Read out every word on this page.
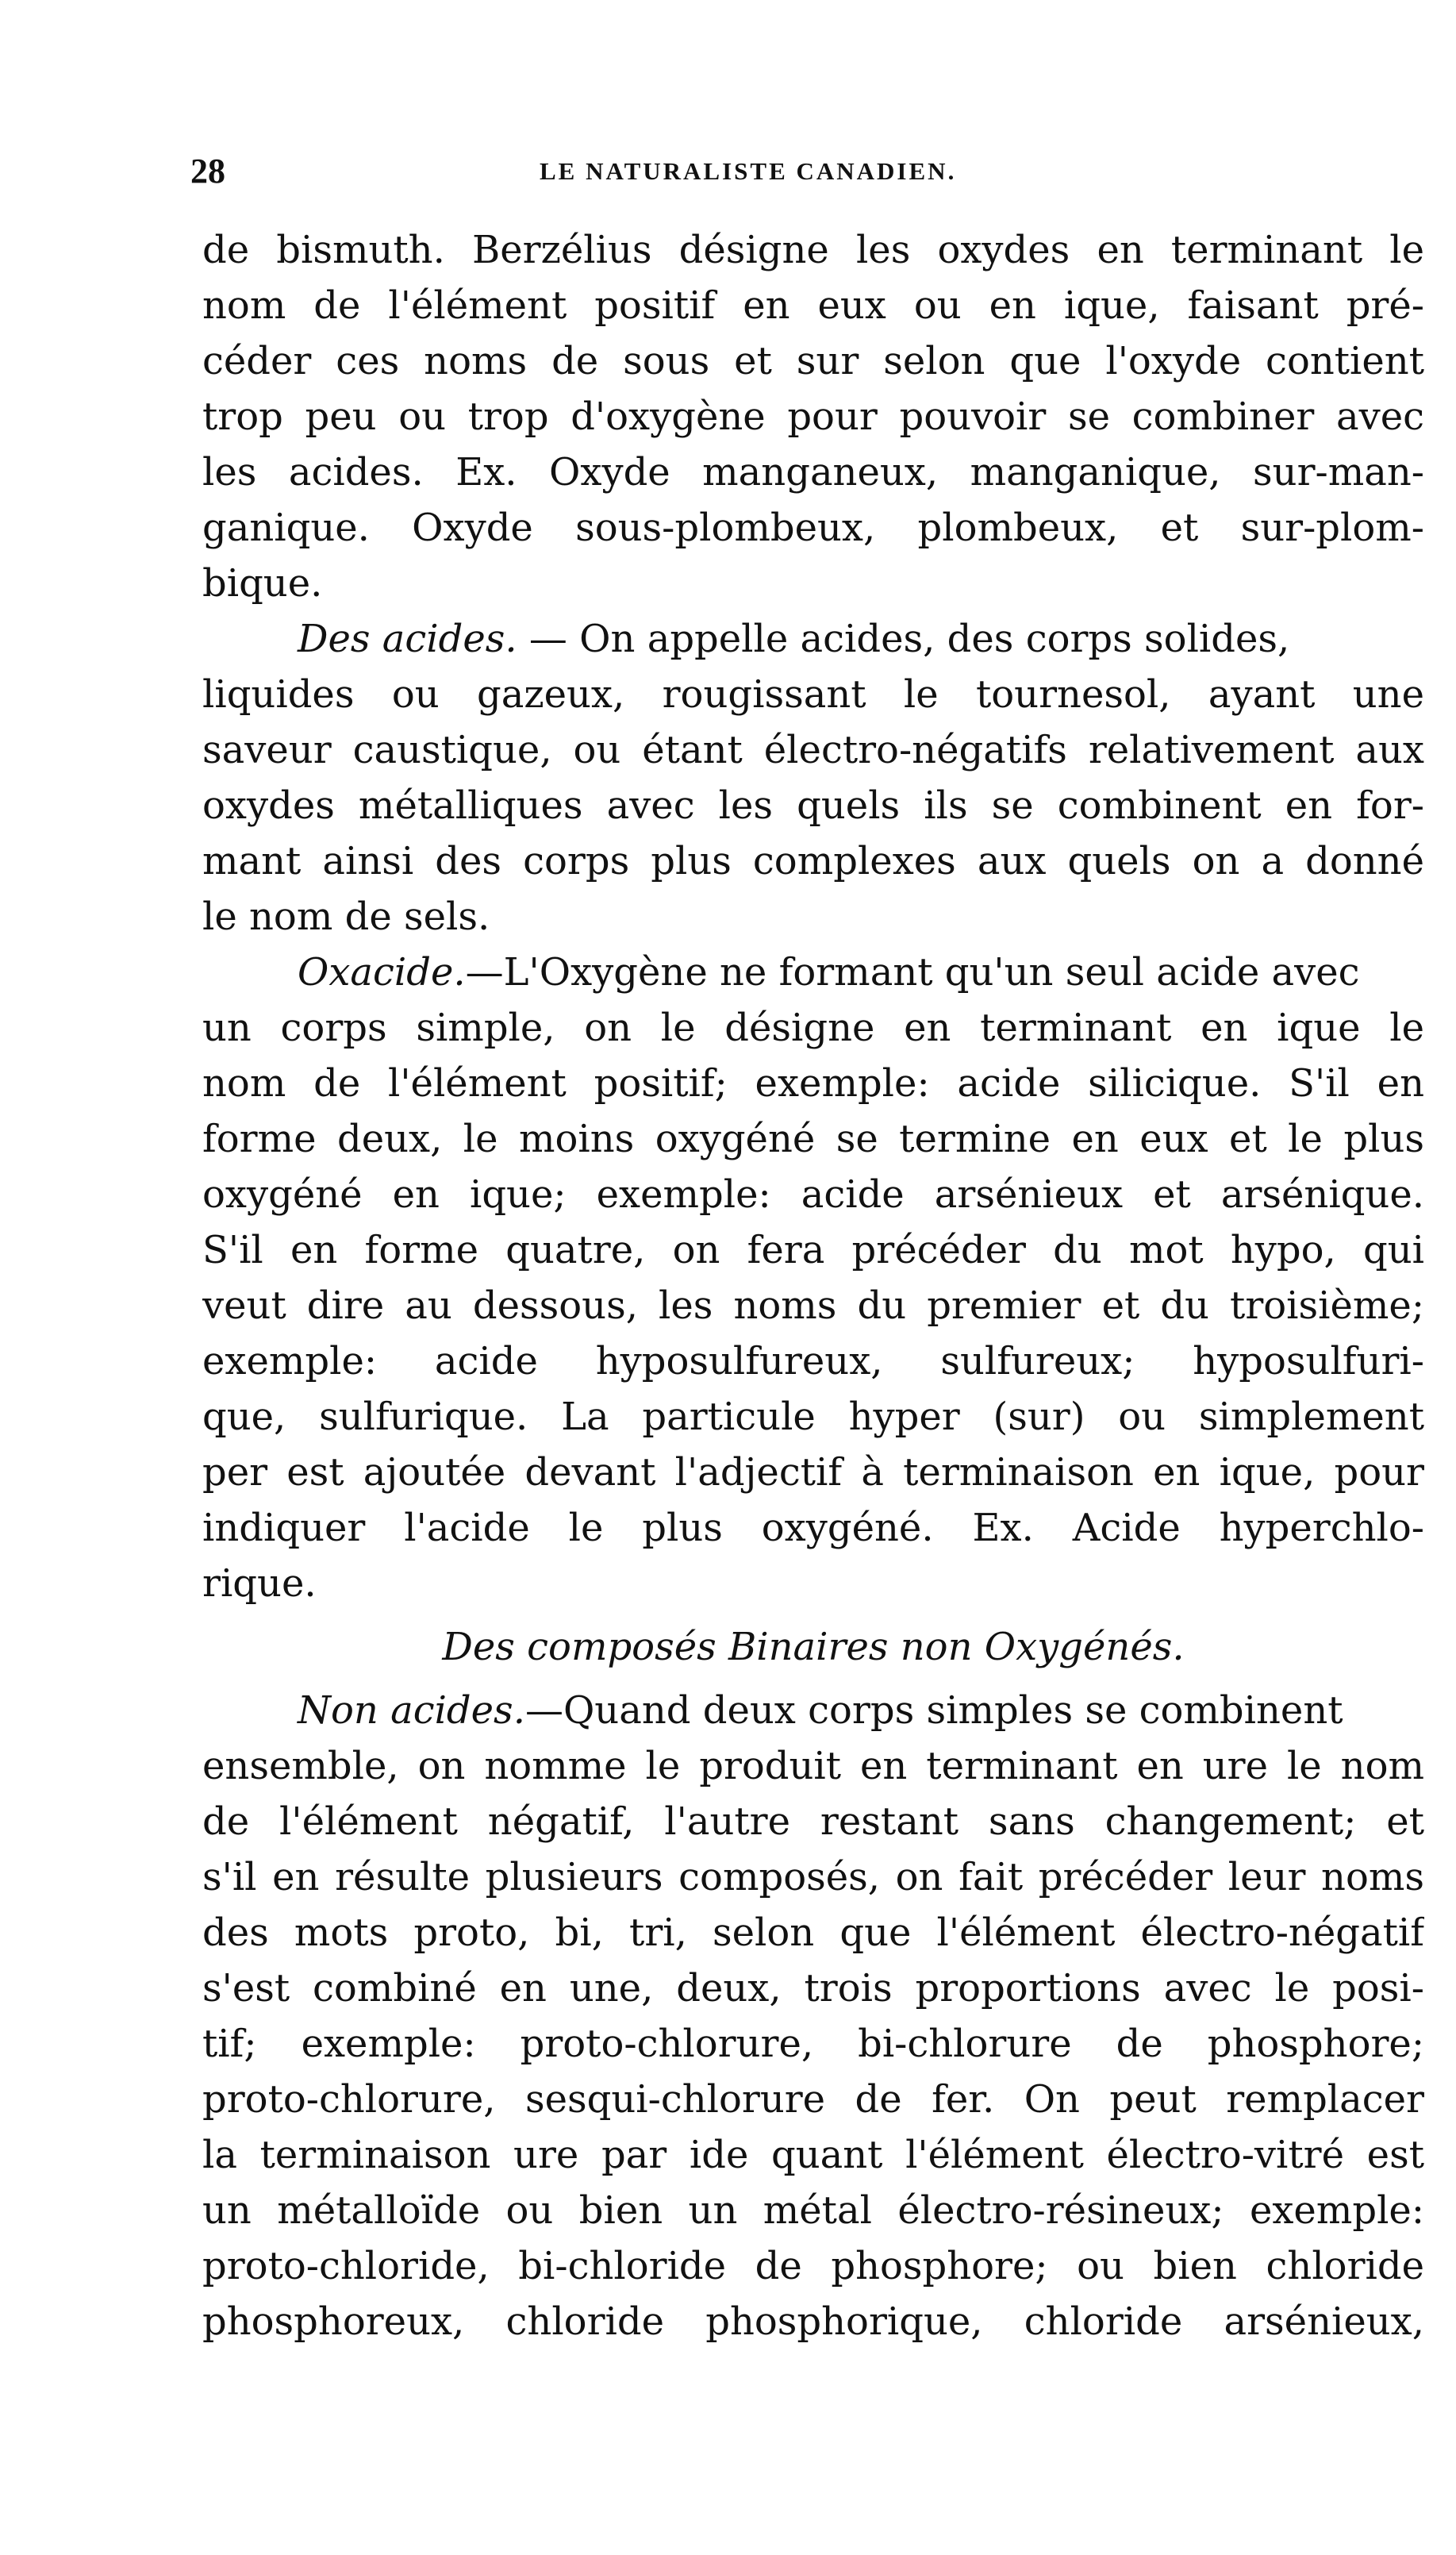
28	LE NATURALISTE CANADIEN.
de bismuth. Berzélius désigne les oxydes en terminant le
nom de l'élément positif en eux ou en ique, faisant pré-
céder ces noms de sous et sur selon que l'oxyde contient
trop peu ou trop d'oxygène pour pouvoir se combiner avec
les acides. Ex. Oxyde manganeux, manganique, sur-man-
ganique. Oxyde sous-plombeux, plombeux, et sur-plom-
bique.
Des acides. — On appelle acides, des corps solides,
liquides ou gazeux, rougissant le tournesol, ayant une
saveur caustique, ou étant électro-négatifs relativement aux
oxydes métalliques avec les quels ils se combinent en for-
mant ainsi des corps plus complexes aux quels on a donné
le nom de sels.
Oxacide.—L'Oxygène ne formant qu'un seul acide avec
un corps simple, on le désigne en terminant en ique le
nom de l'élément positif; exemple: acide silicique. S'il en
forme deux, le moins oxygéné se termine en eux et le plus
oxygéné en ique; exemple: acide arsénieux et arsénique.
S'il en forme quatre, on fera précéder du mot hypo, qui
veut dire au dessous, les noms du premier et du troisième;
exemple: acide hyposulfureux, sulfureux; hyposulfuri-
que, sulfurique. La particule hyper (sur) ou simplement
per est ajoutée devant l'adjectif à terminaison en ique, pour
indiquer l'acide le plus oxygéné. Ex. Acide hyperchlo-
rique.
Des composés Binaires non Oxygénés.
Non acides.—Quand deux corps simples se combinent
ensemble, on nomme le produit en terminant en ure le nom
de l'élément négatif, l'autre restant sans changement; et
s'il en résulte plusieurs composés, on fait précéder leur noms
des mots proto, bi, tri, selon que l'élément électro-négatif
s'est combiné en une, deux, trois proportions avec le posi-
tif; exemple: proto-chlorure, bi-chlorure de phosphore;
proto-chlorure, sesqui-chlorure de fer. On peut remplacer
la terminaison ure par ide quant l'élément électro-vitré est
un métalloïde ou bien un métal électro-résineux; exemple:
proto-chloride, bi-chloride de phosphore; ou bien chloride
phosphoreux, chloride phosphorique, chloride arsénieux,
